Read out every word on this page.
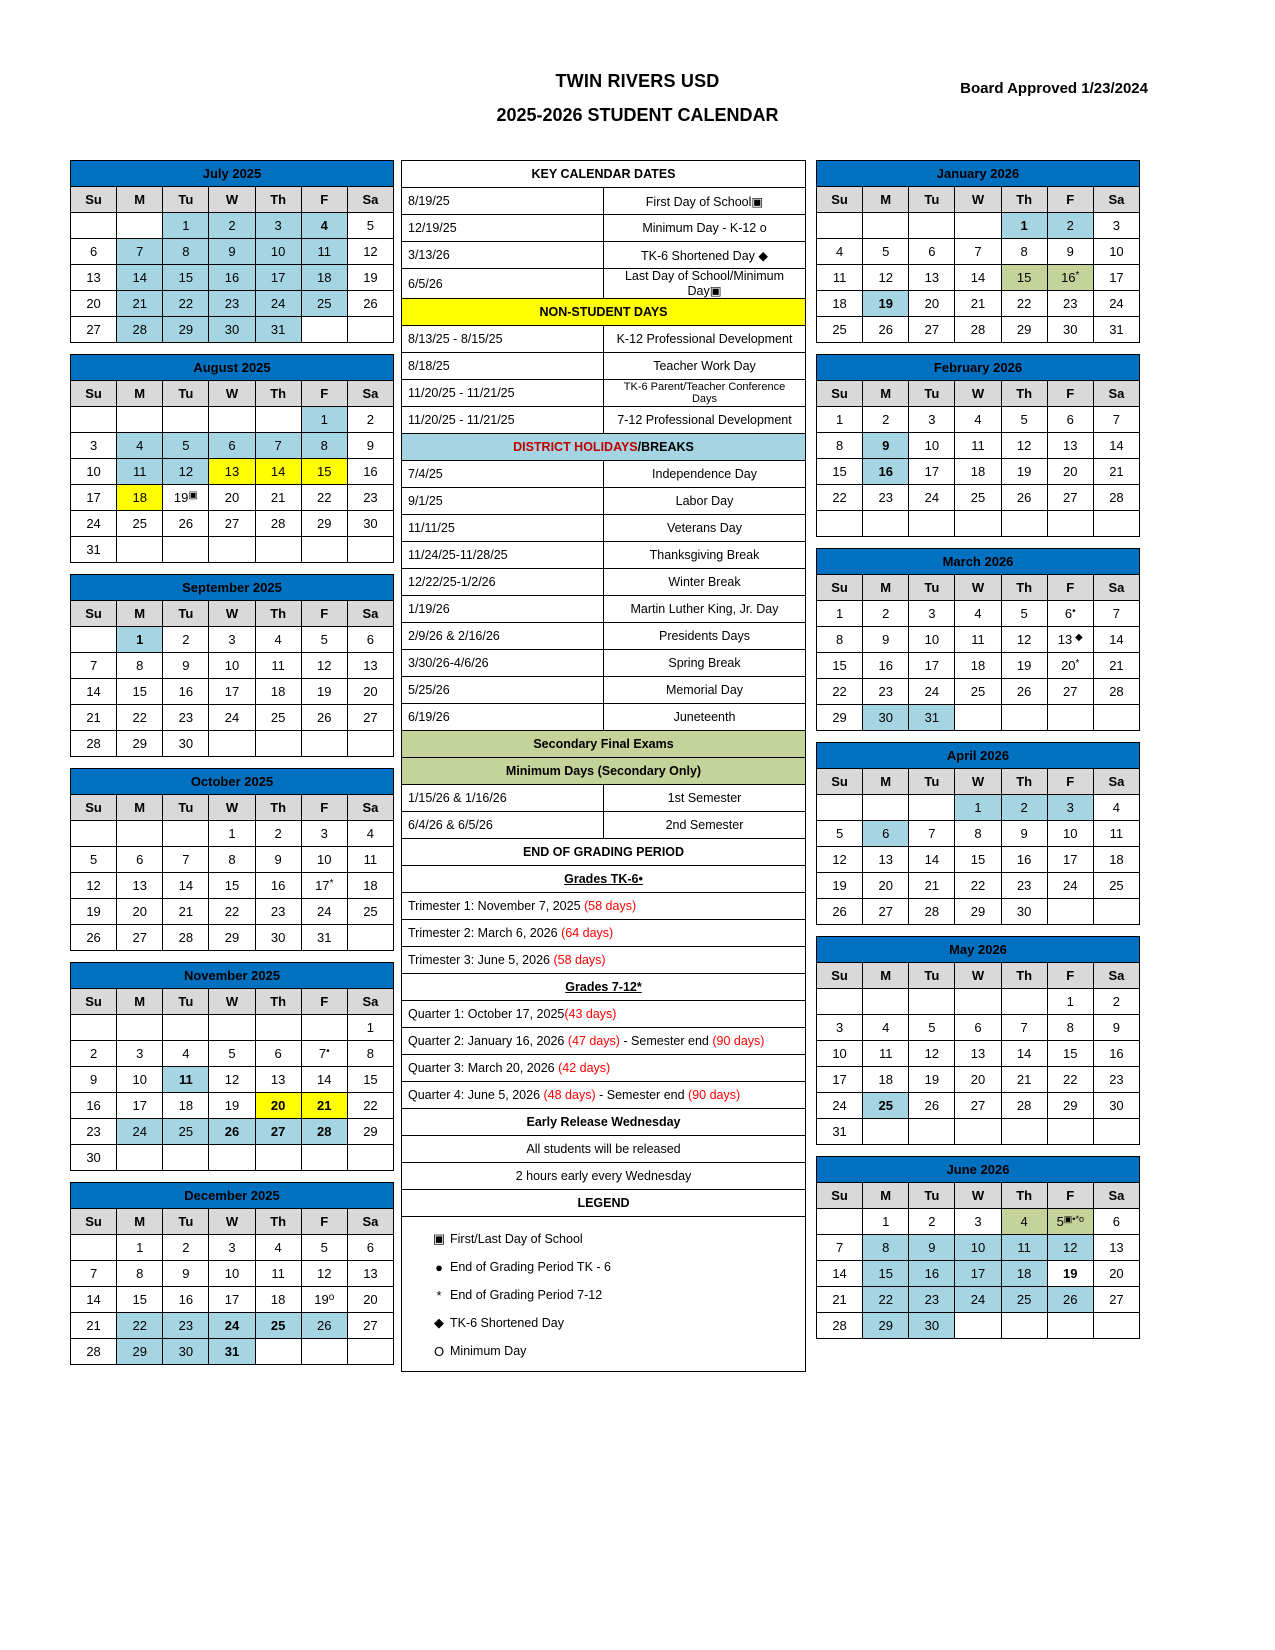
TWIN RIVERS USD
2025-2026 STUDENT CALENDAR
Board Approved 1/23/2024
July 2025						
Su	M	Tu	W	Th	F	Sa
		1	2	3	4	5
6	7	8	9	10	11	12
13	14	15	16	17	18	19
20	21	22	23	24	25	26
27	28	29	30	31		
August 2025						
Su	M	Tu	W	Th	F	Sa
					1	2
3	4	5	6	7	8	9
10	11	12	13	14	15	16
17	18	19▣	20	21	22	23
24	25	26	27	28	29	30
31						
September 2025						
Su	M	Tu	W	Th	F	Sa
	1	2	3	4	5	6
7	8	9	10	11	12	13
14	15	16	17	18	19	20
21	22	23	24	25	26	27
28	29	30				
October 2025						
Su	M	Tu	W	Th	F	Sa
			1	2	3	4
5	6	7	8	9	10	11
12	13	14	15	16	17*	18
19	20	21	22	23	24	25
26	27	28	29	30	31	
November 2025						
Su	M	Tu	W	Th	F	Sa
						1
2	3	4	5	6	7•	8
9	10	11	12	13	14	15
16	17	18	19	20	21	22
23	24	25	26	27	28	29
30						
December 2025						
Su	M	Tu	W	Th	F	Sa
	1	2	3	4	5	6
7	8	9	10	11	12	13
14	15	16	17	18	19$^o$	20
21	22	23	24	25	26	27
28	29	30	31			
KEY CALENDAR DATES	
8/19/25	First Day of School▣
12/19/25	Minimum Day - K-12 o
3/13/26	TK-6 Shortened Day ◆
6/5/26	Last Day of School/Minimum Day▣
NON-STUDENT DAYS	
8/13/25 - 8/15/25	K-12 Professional Development
8/18/25	Teacher Work Day
11/20/25 - 11/21/25	TK-6 Parent/Teacher Conference Days
11/20/25 - 11/21/25	7-12 Professional Development
DISTRICT HOLIDAYS/BREAKS	
7/4/25	Independence Day
9/1/25	Labor Day
11/11/25	Veterans Day
11/24/25-11/28/25	Thanksgiving Break
12/22/25-1/2/26	Winter Break
1/19/26	Martin Luther King, Jr. Day
2/9/26 & 2/16/26	Presidents Days
3/30/26-4/6/26	Spring Break
5/25/26	Memorial Day
6/19/26	Juneteenth
Secondary Final Exams	
Minimum Days (Secondary Only)	
1/15/26 & 1/16/26	1st Semester
6/4/26 & 6/5/26	2nd Semester
END OF GRADING PERIOD	

Grades TK-6•	

Trimester 1: November 7, 2025 (58 days)	
Trimester 2: March 6, 2026 (64 days)	
Trimester 3: June 5, 2026 (58 days)	

Grades 7-12*	

Quarter 1: October 17, 2025(43 days)	
Quarter 2: January 16, 2026 (47 days) - Semester end (90 days)	
Quarter 3: March 20, 2026 (42 days)	
Quarter 4: June 5, 2026 (48 days) - Semester end (90 days)	
Early Release Wednesday	
All students will be released	
2 hours early every Wednesday	
LEGEND	

▣ First/Last Day of School
● End of Grading Period TK - 6
* End of Grading Period 7-12
◆ TK-6 Shortened Day
O Minimum Day
January 2026						
Su	M	Tu	W	Th	F	Sa
				1	2	3
4	5	6	7	8	9	10
11	12	13	14	15	16*	17
18	19	20	21	22	23	24
25	26	27	28	29	30	31
February 2026						
Su	M	Tu	W	Th	F	Sa
1	2	3	4	5	6	7
8	9	10	11	12	13	14
15	16	17	18	19	20	21
22	23	24	25	26	27	28

March 2026						
Su	M	Tu	W	Th	F	Sa
1	2	3	4	5	6•	7
8	9	10	11	12	13 ◆	14
15	16	17	18	19	20*	21
22	23	24	25	26	27	28
29	30	31				
April 2026						
Su	M	Tu	W	Th	F	Sa
			1	2	3	4
5	6	7	8	9	10	11
12	13	14	15	16	17	18
19	20	21	22	23	24	25
26	27	28	29	30		
May 2026						
Su	M	Tu	W	Th	F	Sa
					1	2
3	4	5	6	7	8	9
10	11	12	13	14	15	16
17	18	19	20	21	22	23
24	25	26	27	28	29	30
31						
June 2026						
Su	M	Tu	W	Th	F	Sa
	1	2	3	4	$5^{▣•*o}$	6
7	8	9	10	11	12	13
14	15	16	17	18	19	20
21	22	23	24	25	26	27
28	29	30				
